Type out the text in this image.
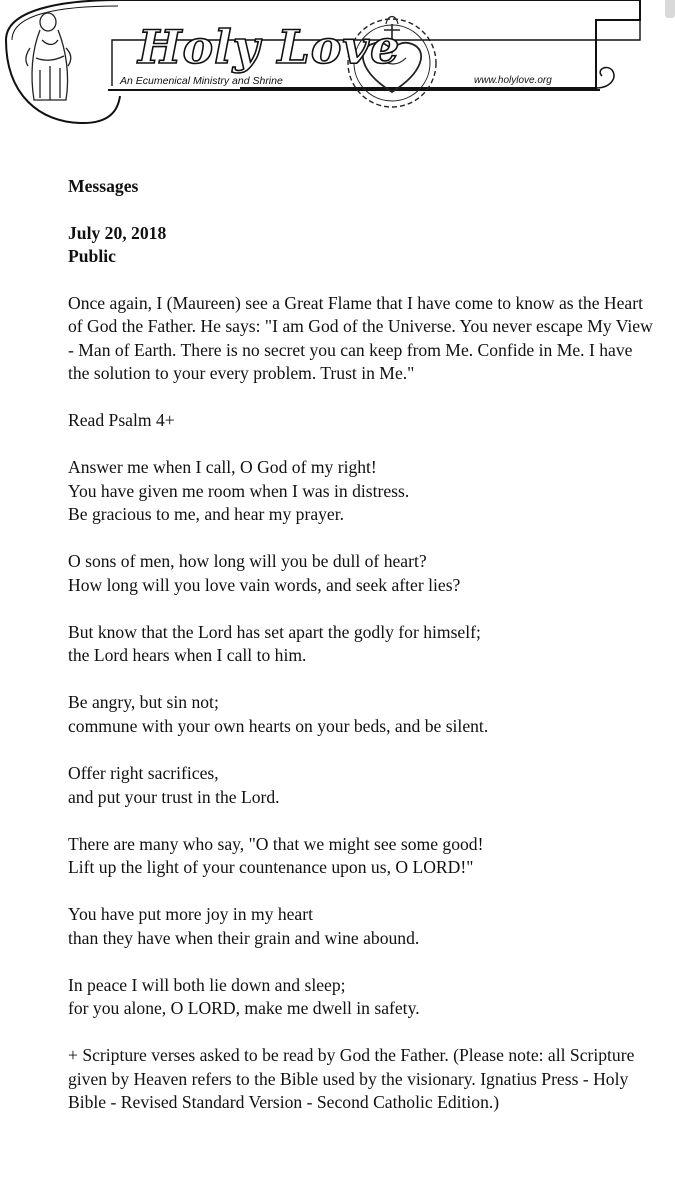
Holy Love
An Ecumenical Ministry and Shrine	www.holylove.org
Messages
July 20, 2018
Public

Once again, I (Maureen) see a Great Flame that I have come to know as the Heart of God the Father. He says: "I am God of the Universe. You never escape My View - Man of Earth. There is no secret you can keep from Me. Confide in Me. I have the solution to your every problem. Trust in Me."

Read Psalm 4+

Answer me when I call, O God of my right!
You have given me room when I was in distress.
Be gracious to me, and hear my prayer.
O sons of men, how long will you be dull of heart?
How long will you love vain words, and seek after lies?
But know that the Lord has set apart the godly for himself;
the Lord hears when I call to him.
Be angry, but sin not;
commune with your own hearts on your beds, and be silent.
Offer right sacrifices,
and put your trust in the Lord.
There are many who say, "O that we might see some good!
Lift up the light of your countenance upon us, O LORD!"
You have put more joy in my heart
than they have when their grain and wine abound.
In peace I will both lie down and sleep;
for you alone, O LORD, make me dwell in safety.

+ Scripture verses asked to be read by God the Father. (Please note: all Scripture given by Heaven refers to the Bible used by the visionary. Ignatius Press - Holy Bible - Revised Standard Version - Second Catholic Edition.)
